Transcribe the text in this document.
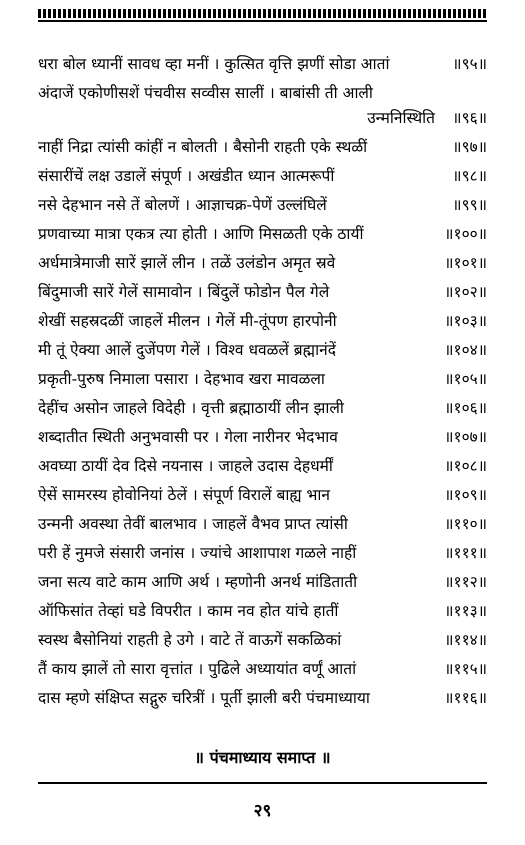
धरा बोल ध्यानीं सावध व्हा मनीं । कुत्सित वृत्ति झणीं सोडा आतां	॥९५॥
अंदाजें एकोणीसशें पंचवीस सव्वीस सालीं । बाबांसी ती आली
उन्मनिस्थिति ॥९६॥
नाहीं निद्रा त्यांसी कांहीं न बोलती । बैसोनी राहती एके स्थळीं	॥९७॥
संसारींचें लक्ष उडालें संपूर्ण । अखंडीत ध्यान आत्मरूपीं	॥९८॥
नसे देहभान नसे तें बोलणें । आज्ञाचक्र-पेणें उल्लंघिलें	॥९९॥
प्रणवाच्या मात्रा एकत्र त्या होती । आणि मिसळती एके ठायीं	॥१००॥
अर्धमात्रेमाजी सारें झालें लीन । तळें उलंडोन अमृत स्रवे	॥१०१॥
बिंदुमाजी सारें गेलें सामावोन । बिंदुलें फोडोन पैल गेले	॥१०२॥
शेखीं सहस्रदळीं जाहलें मीलन । गेलें मी-तूंपण हारपोनी	॥१०३॥
मी तूं ऐक्या आलें दुजेंपण गेलें । विश्व धवळलें ब्रह्मानंदें	॥१०४॥
प्रकृती-पुरुष निमाला पसारा । देहभाव खरा मावळला	॥१०५॥
देहींच असोन जाहले विदेही । वृत्ती ब्रह्माठायीं लीन झाली	॥१०६॥
शब्दातीत स्थिती अनुभवासी पर । गेला नारीनर भेदभाव	॥१०७॥
अवघ्या ठायीं देव दिसे नयनास । जाहले उदास देहधर्मीं	॥१०८॥
ऐसें सामरस्य होवोनियां ठेलें । संपूर्ण विरालें बाह्य भान	॥१०९॥
उन्मनी अवस्था तेवीं बालभाव । जाहलें वैभव प्राप्त त्यांसी	॥११०॥
परी हें नुमजे संसारी जनांस । ज्यांचे आशापाश गळले नाहीं	॥१११॥
जना सत्य वाटे काम आणि अर्थ । म्हणोनी अनर्थ मांडिताती	॥११२॥
ऑफिसांत तेव्हां घडे विपरीत । काम नव होत यांचे हातीं	॥११३॥
स्वस्थ बैसोनियां राहती हे उगे । वाटे तें वाऊगें सकळिकां	॥११४॥
तैं काय झालें तो सारा वृत्तांत । पुढिले अध्यायांत वर्णूं आतां	॥११५॥
दास म्हणे संक्षिप्त सद्गुरु चरित्रीं । पूर्ती झाली बरी पंचमाध्याया	॥११६॥
॥ पंचमाध्याय समाप्त ॥
२९
